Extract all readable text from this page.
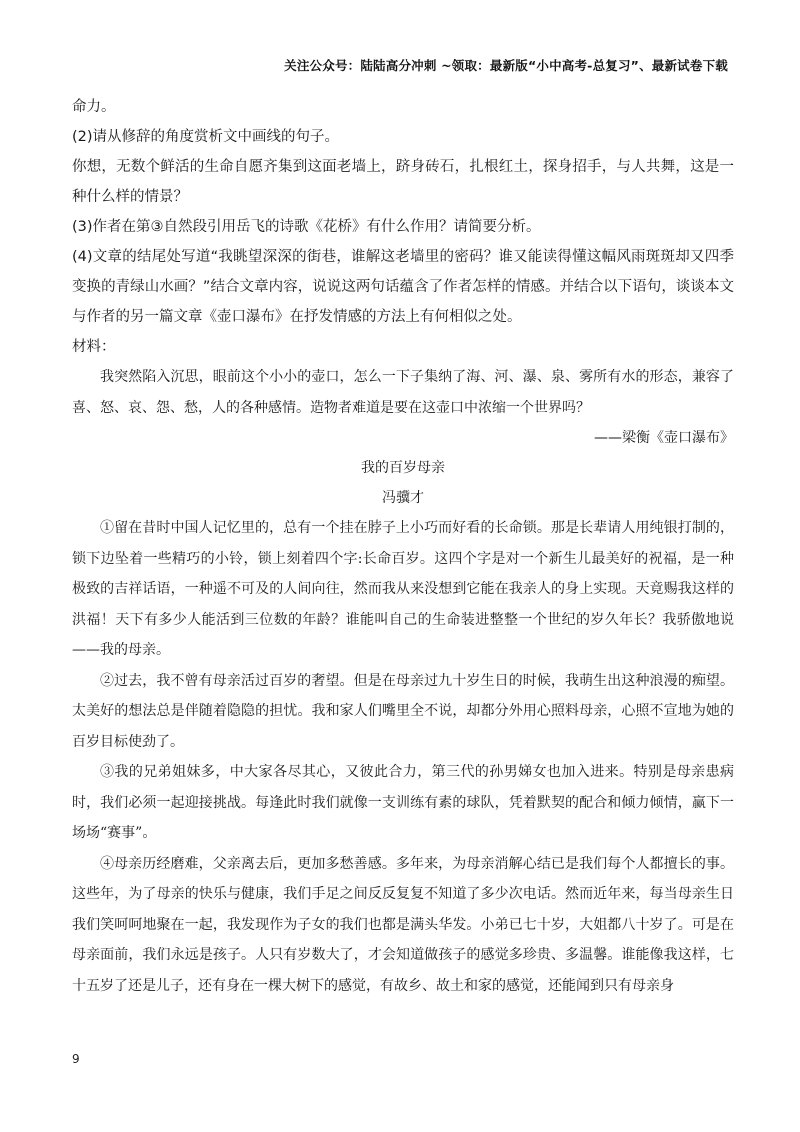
关注公众号：陆陆高分冲刺 ~领取：最新版“小中高考-总复习”、最新试卷下载

命力。

(2)请从修辞的角度赏析文中画线的句子。

你想，无数个鲜活的生命自愿齐集到这面老墙上，跻身砖石，扎根红土，探身招手，与人共舞，这是一种什么样的情景？

(3)作者在第③自然段引用岳飞的诗歌《花桥》有什么作用？请简要分析。

(4)文章的结尾处写道“我眺望深深的街巷，谁解这老墙里的密码？谁又能读得懂这幅风雨斑斑却又四季变换的青绿山水画？”结合文章内容，说说这两句话蕴含了作者怎样的情感。并结合以下语句，谈谈本文与作者的另一篇文章《壶口瀑布》在抒发情感的方法上有何相似之处。

材料：

我突然陷入沉思，眼前这个小小的壶口，怎么一下子集纳了海、河、瀑、泉、雾所有水的形态，兼容了喜、怒、哀、怨、愁，人的各种感情。造物者难道是要在这壶口中浓缩一个世界吗？

——梁衡《壶口瀑布》

我的百岁母亲

冯骥才

①留在昔时中国人记忆里的，总有一个挂在脖子上小巧而好看的长命锁。那是长辈请人用纯银打制的，锁下边坠着一些精巧的小铃，锁上刻着四个字:长命百岁。这四个字是对一个新生儿最美好的祝福，是一种极致的吉祥话语，一种遥不可及的人间向往，然而我从来没想到它能在我亲人的身上实现。天竟赐我这样的洪福！天下有多少人能活到三位数的年龄？谁能叫自己的生命装进整整一个世纪的岁久年长？我骄傲地说——我的母亲。

②过去，我不曾有母亲活过百岁的奢望。但是在母亲过九十岁生日的时候，我萌生出这种浪漫的痴望。太美好的想法总是伴随着隐隐的担忧。我和家人们嘴里全不说，却都分外用心照料母亲，心照不宣地为她的百岁目标使劲了。

③我的兄弟姐妹多，中大家各尽其心，又彼此合力，第三代的孙男娣女也加入进来。特别是母亲患病时，我们必须一起迎接挑战。每逢此时我们就像一支训练有素的球队，凭着默契的配合和倾力倾情，赢下一场场“赛事”。

④母亲历经磨难，父亲离去后，更加多愁善感。多年来，为母亲消解心结已是我们每个人都擅长的事。这些年，为了母亲的快乐与健康，我们手足之间反反复复不知道了多少次电话。然而近年来，每当母亲生日我们笑呵呵地聚在一起，我发现作为子女的我们也都是满头华发。小弟已七十岁，大姐都八十岁了。可是在母亲面前，我们永远是孩子。人只有岁数大了，才会知道做孩子的感觉多珍贵、多温馨。谁能像我这样，七十五岁了还是儿子，还有身在一棵大树下的感觉，有故乡、故土和家的感觉，还能闻到只有母亲身

9
